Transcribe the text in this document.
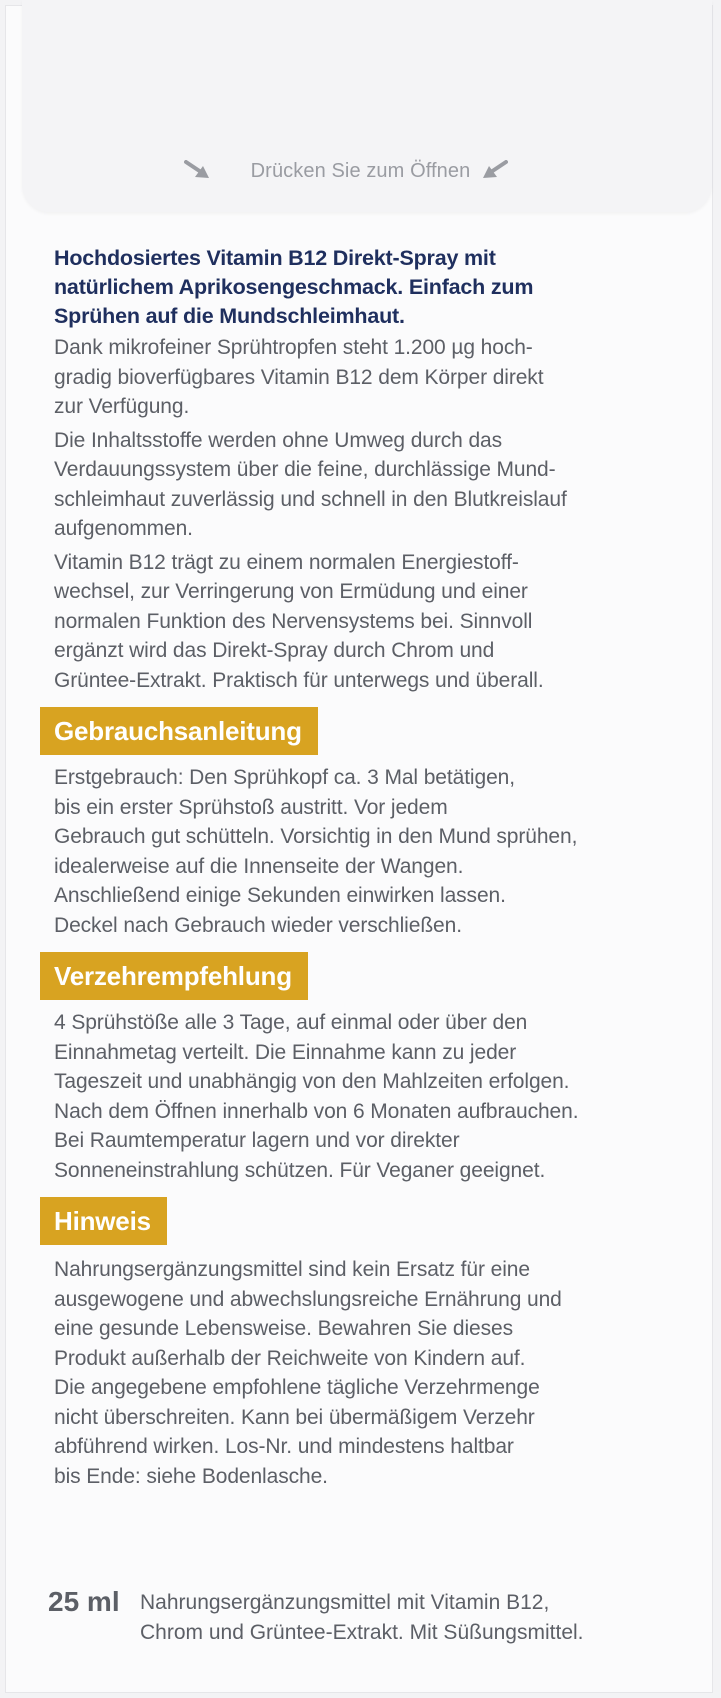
Drücken Sie zum Öffnen
Hochdosiertes Vitamin B12 Direkt-Spray mit
natürlichem Aprikosengeschmack. Einfach zum
Sprühen auf die Mundschleimhaut.

Dank mikrofeiner Sprühtropfen steht 1.200 µg hoch-
gradig bioverfügbares Vitamin B12 dem Körper direkt
zur Verfügung.

Die Inhaltsstoffe werden ohne Umweg durch das
Verdauungssystem über die feine, durchlässige Mund-
schleimhaut zuverlässig und schnell in den Blutkreislauf
aufgenommen.

Vitamin B12 trägt zu einem normalen Energiestoff-
wechsel, zur Verringerung von Ermüdung und einer
normalen Funktion des Nervensystems bei. Sinnvoll
ergänzt wird das Direkt-Spray durch Chrom und
Grüntee-Extrakt. Praktisch für unterwegs und überall.

Gebrauchsanleitung

Erstgebrauch: Den Sprühkopf ca. 3 Mal betätigen,
bis ein erster Sprühstoß austritt. Vor jedem
Gebrauch gut schütteln. Vorsichtig in den Mund sprühen,
idealerweise auf die Innenseite der Wangen.
Anschließend einige Sekunden einwirken lassen.
Deckel nach Gebrauch wieder verschließen.

Verzehrempfehlung

4 Sprühstöße alle 3 Tage, auf einmal oder über den
Einnahmetag verteilt. Die Einnahme kann zu jeder
Tageszeit und unabhängig von den Mahlzeiten erfolgen.
Nach dem Öffnen innerhalb von 6 Monaten aufbrauchen.
Bei Raumtemperatur lagern und vor direkter
Sonneneinstrahlung schützen. Für Veganer geeignet.

Hinweis

Nahrungsergänzungsmittel sind kein Ersatz für eine
ausgewogene und abwechslungsreiche Ernährung und
eine gesunde Lebensweise. Bewahren Sie dieses
Produkt außerhalb der Reichweite von Kindern auf.
Die angegebene empfohlene tägliche Verzehrmenge
nicht überschreiten. Kann bei übermäßigem Verzehr
abführend wirken. Los-Nr. und mindestens haltbar
bis Ende: siehe Bodenlasche.

25 ml Nahrungsergänzungsmittel mit Vitamin B12,
Chrom und Grüntee-Extrakt. Mit Süßungsmittel.
